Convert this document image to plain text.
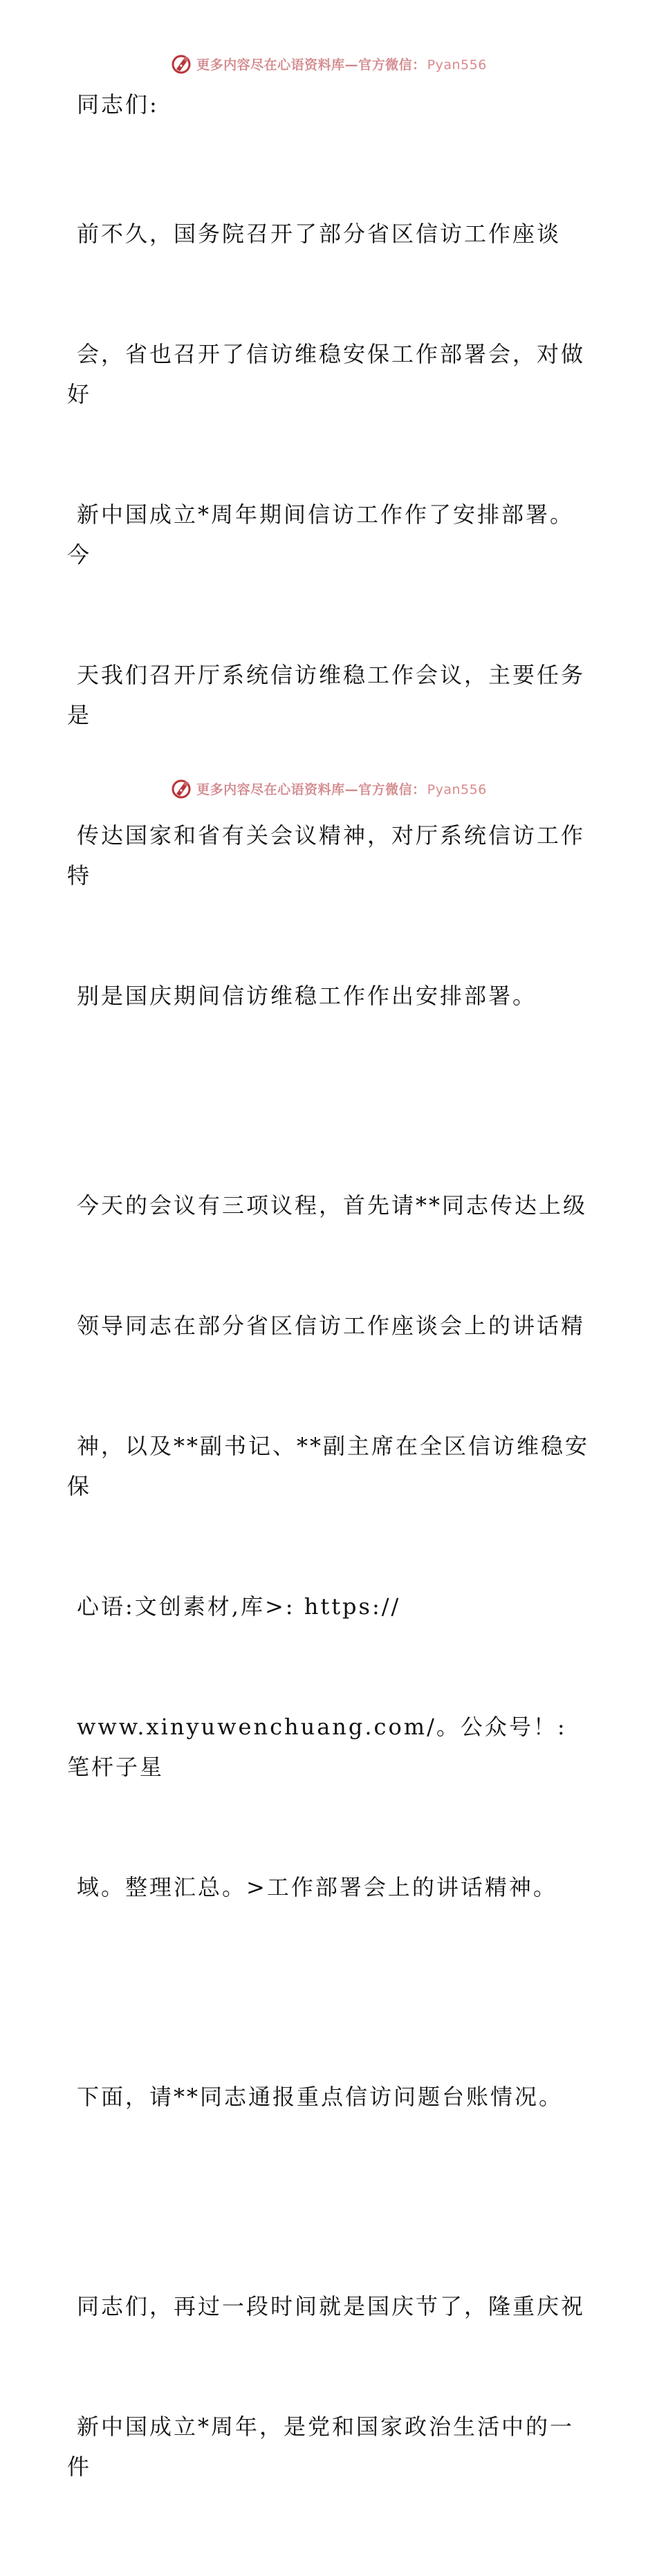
更多内容尽在心语资料库—官方微信： Pyan556

同志们:

前不久，国务院召开了部分省区信访工作座谈

会，省也召开了信访维稳安保工作部署会，对做好

新中国成立*周年期间信访工作作了安排部署。今

天我们召开厅系统信访维稳工作会议，主要任务是

传达国家和省有关会议精神，对厅系统信访工作特

别是国庆期间信访维稳工作作出安排部署。

今天的会议有三项议程，首先请**同志传达上级

领导同志在部分省区信访工作座谈会上的讲话精

神，以及**副书记、**副主席在全区信访维稳安保

心语:文创素材,库>: https://

www.xinyuwenchuang.com/。公众号！: 笔杆子星

域。整理汇总。>工作部署会上的讲话精神。

下面，请**同志通报重点信访问题台账情况。

同志们，再过一段时间就是国庆节了，隆重庆祝

新中国成立*周年，是党和国家政治生活中的一件

更多内容尽在心语资料库—官方微信： Pyan556
